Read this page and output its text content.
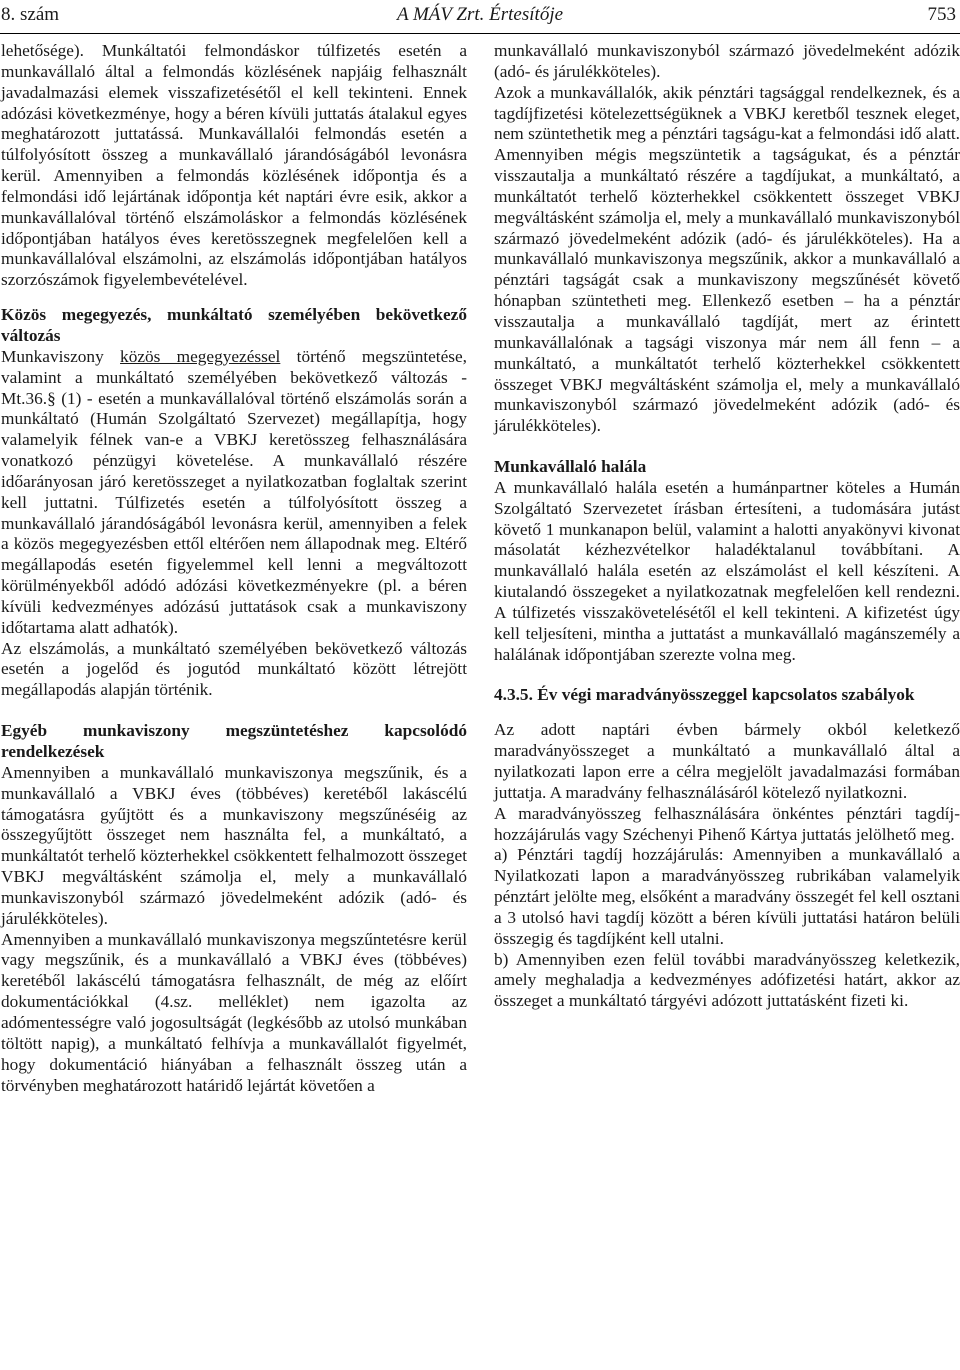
8. szám	A MÁV Zrt. Értesítője	753

lehetősége). Munkáltatói felmondáskor túlfizetés esetén a munkavállaló által a felmondás közlésének napjáig felhasznált javadalmazási elemek visszafizetésétől el kell tekinteni. Ennek adózási következménye, hogy a béren kívüli juttatás átalakul egyes meghatározott juttatássá. Munkavállalói felmondás esetén a túlfolyósított összeg a munkavállaló járandóságából levonásra kerül. Amennyiben a felmondás közlésének időpontja és a felmondási idő lejártának időpontja két naptári évre esik, akkor a munkavállalóval történő elszámoláskor a felmondás közlésének időpontjában hatályos éves keretösszegnek megfelelően kell a munkavállalóval elszámolni, az elszámolás időpontjában hatályos szorzószámok figyelembevételével.

Közös megegyezés, munkáltató személyében bekövetkező változás

Munkaviszony közös megegyezéssel történő megszüntetése, valamint a munkáltató személyében bekövetkező változás - Mt.36.§ (1) - esetén a munkavállalóval történő elszámolás során a munkáltató (Humán Szolgáltató Szervezet) megállapítja, hogy valamelyik félnek van-e a VBKJ keretösszeg felhasználására vonatkozó pénzügyi követelése. A munkavállaló részére időarányosan járó keretösszeget a nyilatkozatban foglaltak szerint kell juttatni. Túlfizetés esetén a túlfolyósított összeg a munkavállaló járandóságából levonásra kerül, amennyiben a felek a közös megegyezésben ettől eltérően nem állapodnak meg. Eltérő megállapodás esetén figyelemmel kell lenni a megváltozott körülményekből adódó adózási következményekre (pl. a béren kívüli kedvezményes adózású juttatások csak a munkaviszony időtartama alatt adhatók).

Az elszámolás, a munkáltató személyében bekövetkező változás esetén a jogelőd és jogutód munkáltató között létrejött megállapodás alapján történik.

Egyéb munkaviszony megszüntetéshez kapcsolódó rendelkezések

Amennyiben a munkavállaló munkaviszonya megszűnik, és a munkavállaló a VBKJ éves (többéves) keretéből lakáscélú támogatásra gyűjtött és a munkaviszony megszűnéséig az összegyűjtött összeget nem használta fel, a munkáltató, a munkáltatót terhelő közterhekkel csökkentett felhalmozott összeget VBKJ megváltásként számolja el, mely a munkavállaló munkaviszonyból származó jövedelmeként adózik (adó- és járulékköteles).

Amennyiben a munkavállaló munkaviszonya megszűntetésre kerül vagy megszűnik, és a munkavállaló a VBKJ éves (többéves) keretéből lakáscélú támogatásra felhasznált, de még az előírt dokumentációkkal (4.sz. melléklet) nem igazolta az adómentességre való jogosultságát (legkésőbb az utolsó munkában töltött napig), a munkáltató felhívja a munkavállalót figyelmét, hogy dokumentáció hiányában a felhasznált összeg után a törvényben meghatározott határidő lejártát követően a

munkavállaló munkaviszonyból származó jövedelmeként adózik (adó- és járulékköteles).

Azok a munkavállalók, akik pénztári tagsággal rendelkeznek, és a tagdíjfizetési kötelezettségüknek a VBKJ keretből tesznek eleget, nem szüntethetik meg a pénztári tagságu-kat a felmondási idő alatt. Amennyiben mégis megszüntetik a tagságukat, és a pénztár visszautalja a munkáltató részére a tagdíjukat, a munkáltató, a munkáltatót terhelő közterhekkel csökkentett összeget VBKJ megváltásként számolja el, mely a munkavállaló munkaviszonyból származó jövedelmeként adózik (adó- és járulékköteles). Ha a munkavállaló munkaviszonya megszűnik, akkor a munkavállaló a pénztári tagságát csak a munkaviszony megszűnését követő hónapban szüntetheti meg. Ellenkező esetben – ha a pénztár visszautalja a munkavállaló tagdíját, mert az érintett munkavállalónak a tagsági viszonya már nem áll fenn – a munkáltató, a munkáltatót terhelő közterhekkel csökkentett összeget VBKJ megváltásként számolja el, mely a munkavállaló munkaviszonyból származó jövedelmeként adózik (adó- és járulékköteles).

Munkavállaló halála

A munkavállaló halála esetén a humánpartner köteles a Humán Szolgáltató Szervezetet írásban értesíteni, a tudomására jutást követő 1 munkanapon belül, valamint a halotti anyakönyvi kivonat másolatát kézhezvételkor haladéktalanul továbbítani. A munkavállaló halála esetén az elszámolást el kell készíteni. A kiutalandó összegeket a nyilatkozatnak megfelelően kell rendezni. A túlfizetés visszakövetelésétől el kell tekinteni. A kifizetést úgy kell teljesíteni, mintha a juttatást a munkavállaló magánszemély a halálának időpontjában szerezte volna meg.

4.3.5. Év végi maradványösszeggel kapcsolatos szabályok

Az adott naptári évben bármely okból keletkező maradványösszeget a munkáltató a munkavállaló által a nyilatkozati lapon erre a célra megjelölt javadalmazási formában juttatja. A maradvány felhasználásáról kötelező nyilatkozni.

A maradványösszeg felhasználására önkéntes pénztári tagdíj-hozzájárulás vagy Széchenyi Pihenő Kártya juttatás jelölhető meg.

a) Pénztári tagdíj hozzájárulás: Amennyiben a munkavállaló a Nyilatkozati lapon a maradványösszeg rubrikában valamelyik pénztárt jelölte meg, elsőként a maradvány összegét fel kell osztani a 3 utolsó havi tagdíj között a béren kívüli juttatási határon belüli összegig és tagdíjként kell utalni.

b) Amennyiben ezen felül további maradványösszeg keletkezik, amely meghaladja a kedvezményes adófizetési határt, akkor az összeget a munkáltató tárgyévi adózott juttatásként fizeti ki.
